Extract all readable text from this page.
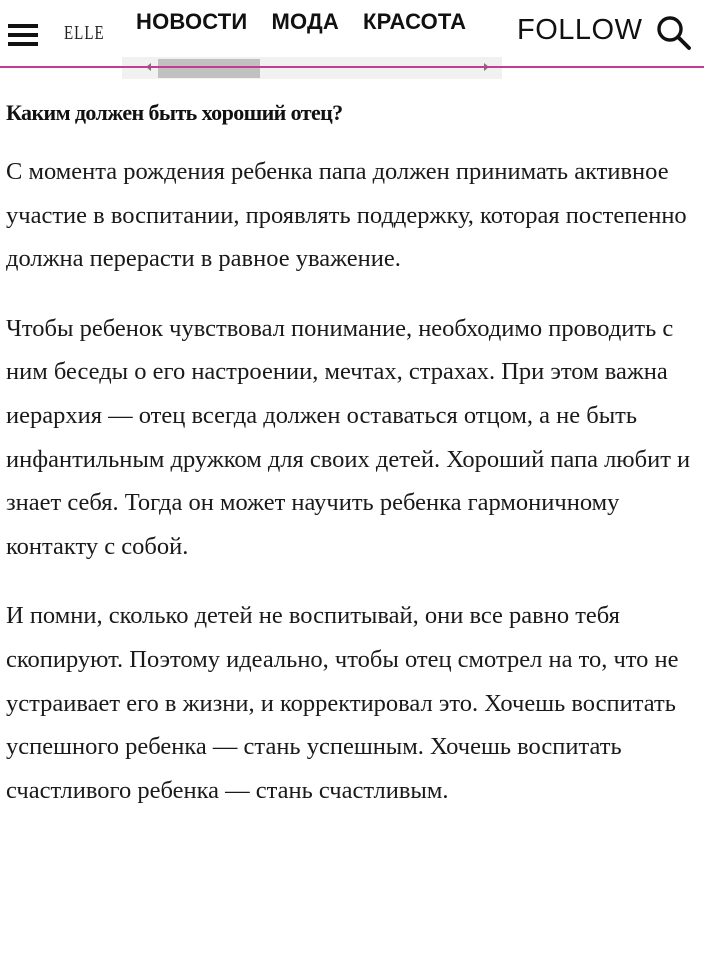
ELLE НОВОСТИ МОДА КРАСОТА	FOLLOW
Каким должен быть хороший отец?

С момента рождения ребенка папа должен принимать активное участие в воспитании, проявлять поддержку, которая постепенно должна перерасти в равное уважение.

Чтобы ребенок чувствовал понимание, необходимо проводить с ним беседы о его настроении, мечтах, страхах. При этом важна иерархия — отец всегда должен оставаться отцом, а не быть инфантильным дружком для своих детей. Хороший папа любит и знает себя. Тогда он может научить ребенка гармоничному контакту с собой.

И помни, сколько детей не воспитывай, они все равно тебя скопируют. Поэтому идеально, чтобы отец смотрел на то, что не устраивает его в жизни, и корректировал это. Хочешь воспитать успешного ребенка — стань успешным. Хочешь воспитать счастливого ребенка — стань счастливым.
